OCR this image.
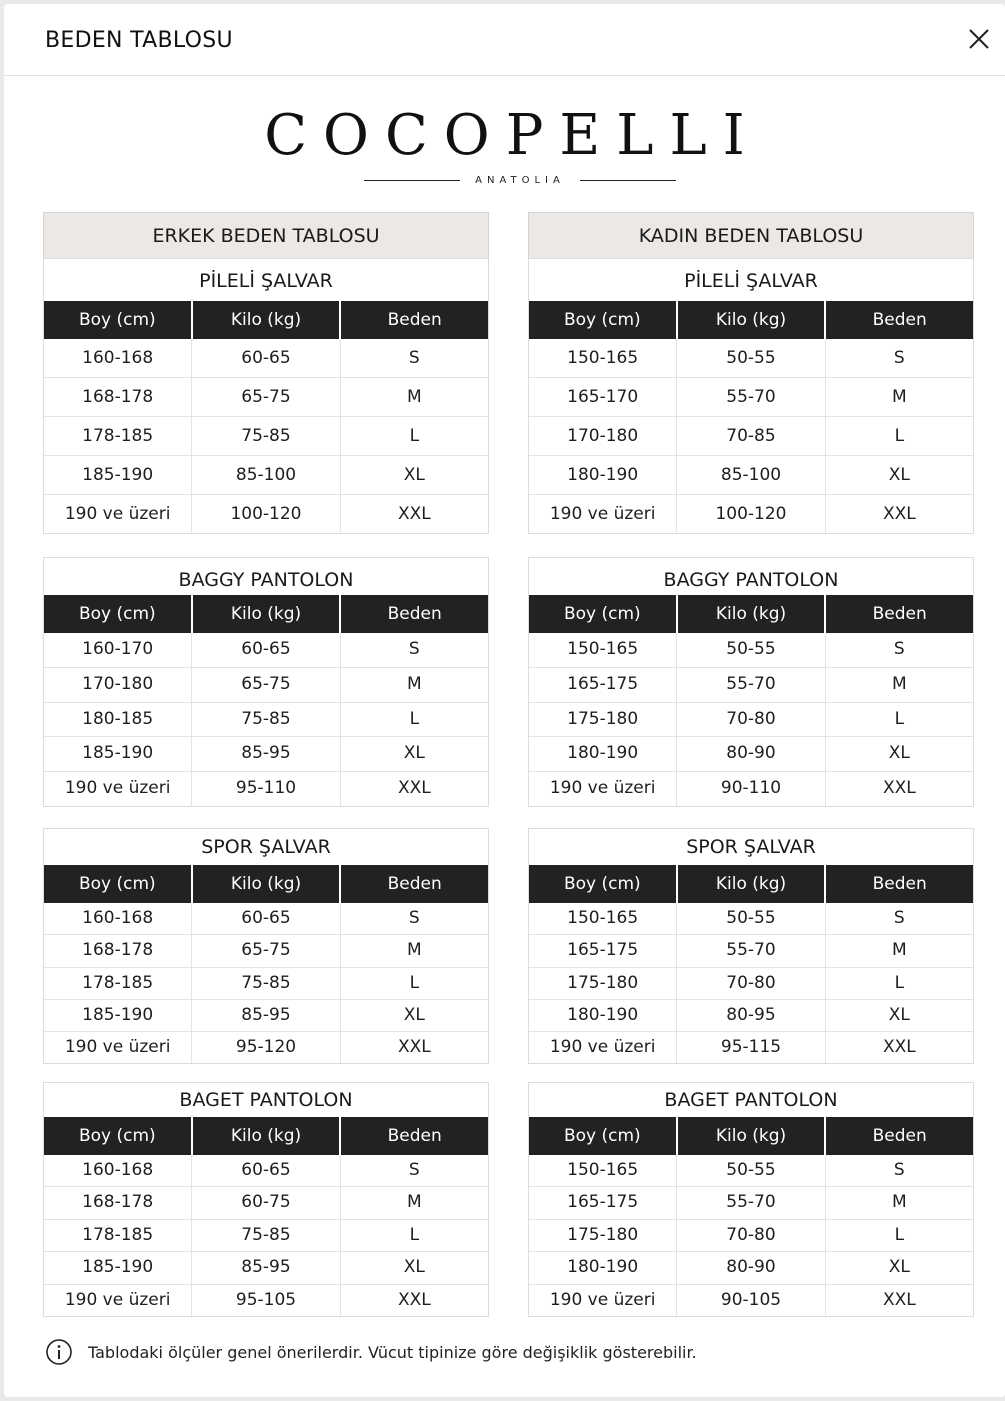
BEDEN TABLOSU
COCOPELLI
ANATOLIA
ERKEK BEDEN TABLOSU
PİLELİ ŞALVAR
Boy (cm)	Kilo (kg)	Beden
160-168	60-65	S
168-178	65-75	M
178-185	75-85	L
185-190	85-100	XL
190 ve üzeri	100-120	XXL
BAGGY PANTOLON
Boy (cm)	Kilo (kg)	Beden
160-170	60-65	S
170-180	65-75	M
180-185	75-85	L
185-190	85-95	XL
190 ve üzeri	95-110	XXL
SPOR ŞALVAR
Boy (cm)	Kilo (kg)	Beden
160-168	60-65	S
168-178	65-75	M
178-185	75-85	L
185-190	85-95	XL
190 ve üzeri	95-120	XXL
BAGET PANTOLON
Boy (cm)	Kilo (kg)	Beden
160-168	60-65	S
168-178	60-75	M
178-185	75-85	L
185-190	85-95	XL
190 ve üzeri	95-105	XXL
KADIN BEDEN TABLOSU
PİLELİ ŞALVAR
Boy (cm)	Kilo (kg)	Beden
150-165	50-55	S
165-170	55-70	M
170-180	70-85	L
180-190	85-100	XL
190 ve üzeri	100-120	XXL
BAGGY PANTOLON
Boy (cm)	Kilo (kg)	Beden
150-165	50-55	S
165-175	55-70	M
175-180	70-80	L
180-190	80-90	XL
190 ve üzeri	90-110	XXL
SPOR ŞALVAR
Boy (cm)	Kilo (kg)	Beden
150-165	50-55	S
165-175	55-70	M
175-180	70-80	L
180-190	80-95	XL
190 ve üzeri	95-115	XXL
BAGET PANTOLON
Boy (cm)	Kilo (kg)	Beden
150-165	50-55	S
165-175	55-70	M
175-180	70-80	L
180-190	80-90	XL
190 ve üzeri	90-105	XXL
Tablodaki ölçüler genel önerilerdir. Vücut tipinize göre değişiklik gösterebilir.
